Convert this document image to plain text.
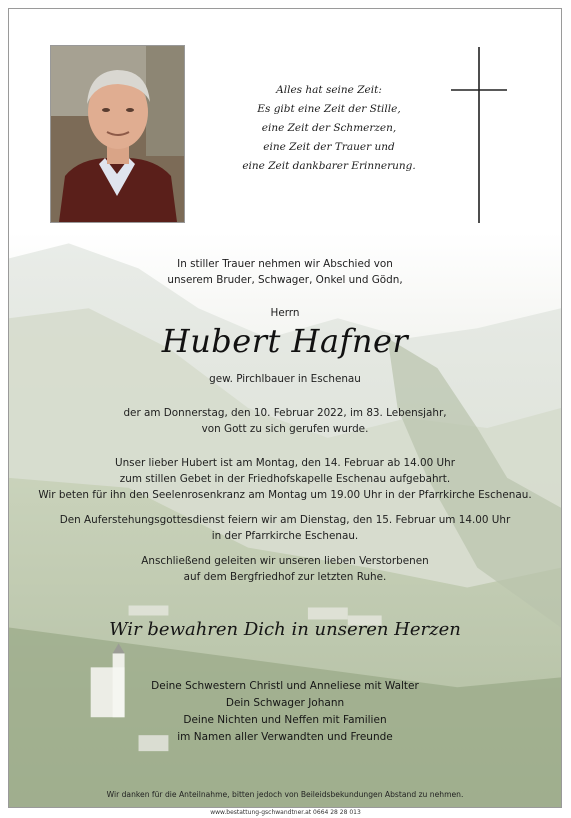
Alles hat seine Zeit:
Es gibt eine Zeit der Stille,
eine Zeit der Schmerzen,
eine Zeit der Trauer und
eine Zeit dankbarer Erinnerung.
In stiller Trauer nehmen wir Abschied von
unserem Bruder, Schwager, Onkel und Gödn,
Herrn
Hubert Hafner
gew. Pirchlbauer in Eschenau
der am Donnerstag, den 10. Februar 2022, im 83. Lebensjahr,
von Gott zu sich gerufen wurde.
Unser lieber Hubert ist am Montag, den 14. Februar ab 14.00 Uhr
zum stillen Gebet in der Friedhofskapelle Eschenau aufgebahrt.
Wir beten für ihn den Seelenrosenkranz am Montag um 19.00 Uhr in der Pfarrkirche Eschenau.
Den Auferstehungsgottesdienst feiern wir am Dienstag, den 15. Februar um 14.00 Uhr
in der Pfarrkirche Eschenau.
Anschließend geleiten wir unseren lieben Verstorbenen
auf dem Bergfriedhof zur letzten Ruhe.
Wir bewahren Dich in unseren Herzen
Deine Schwestern Christl und Anneliese mit Walter
Dein Schwager Johann
Deine Nichten und Neffen mit Familien
im Namen aller Verwandten und Freunde
Wir danken für die Anteilnahme, bitten jedoch von Beileidsbekundungen Abstand zu nehmen.
www.bestattung-gschwandtner.at 0664 28 28 013
